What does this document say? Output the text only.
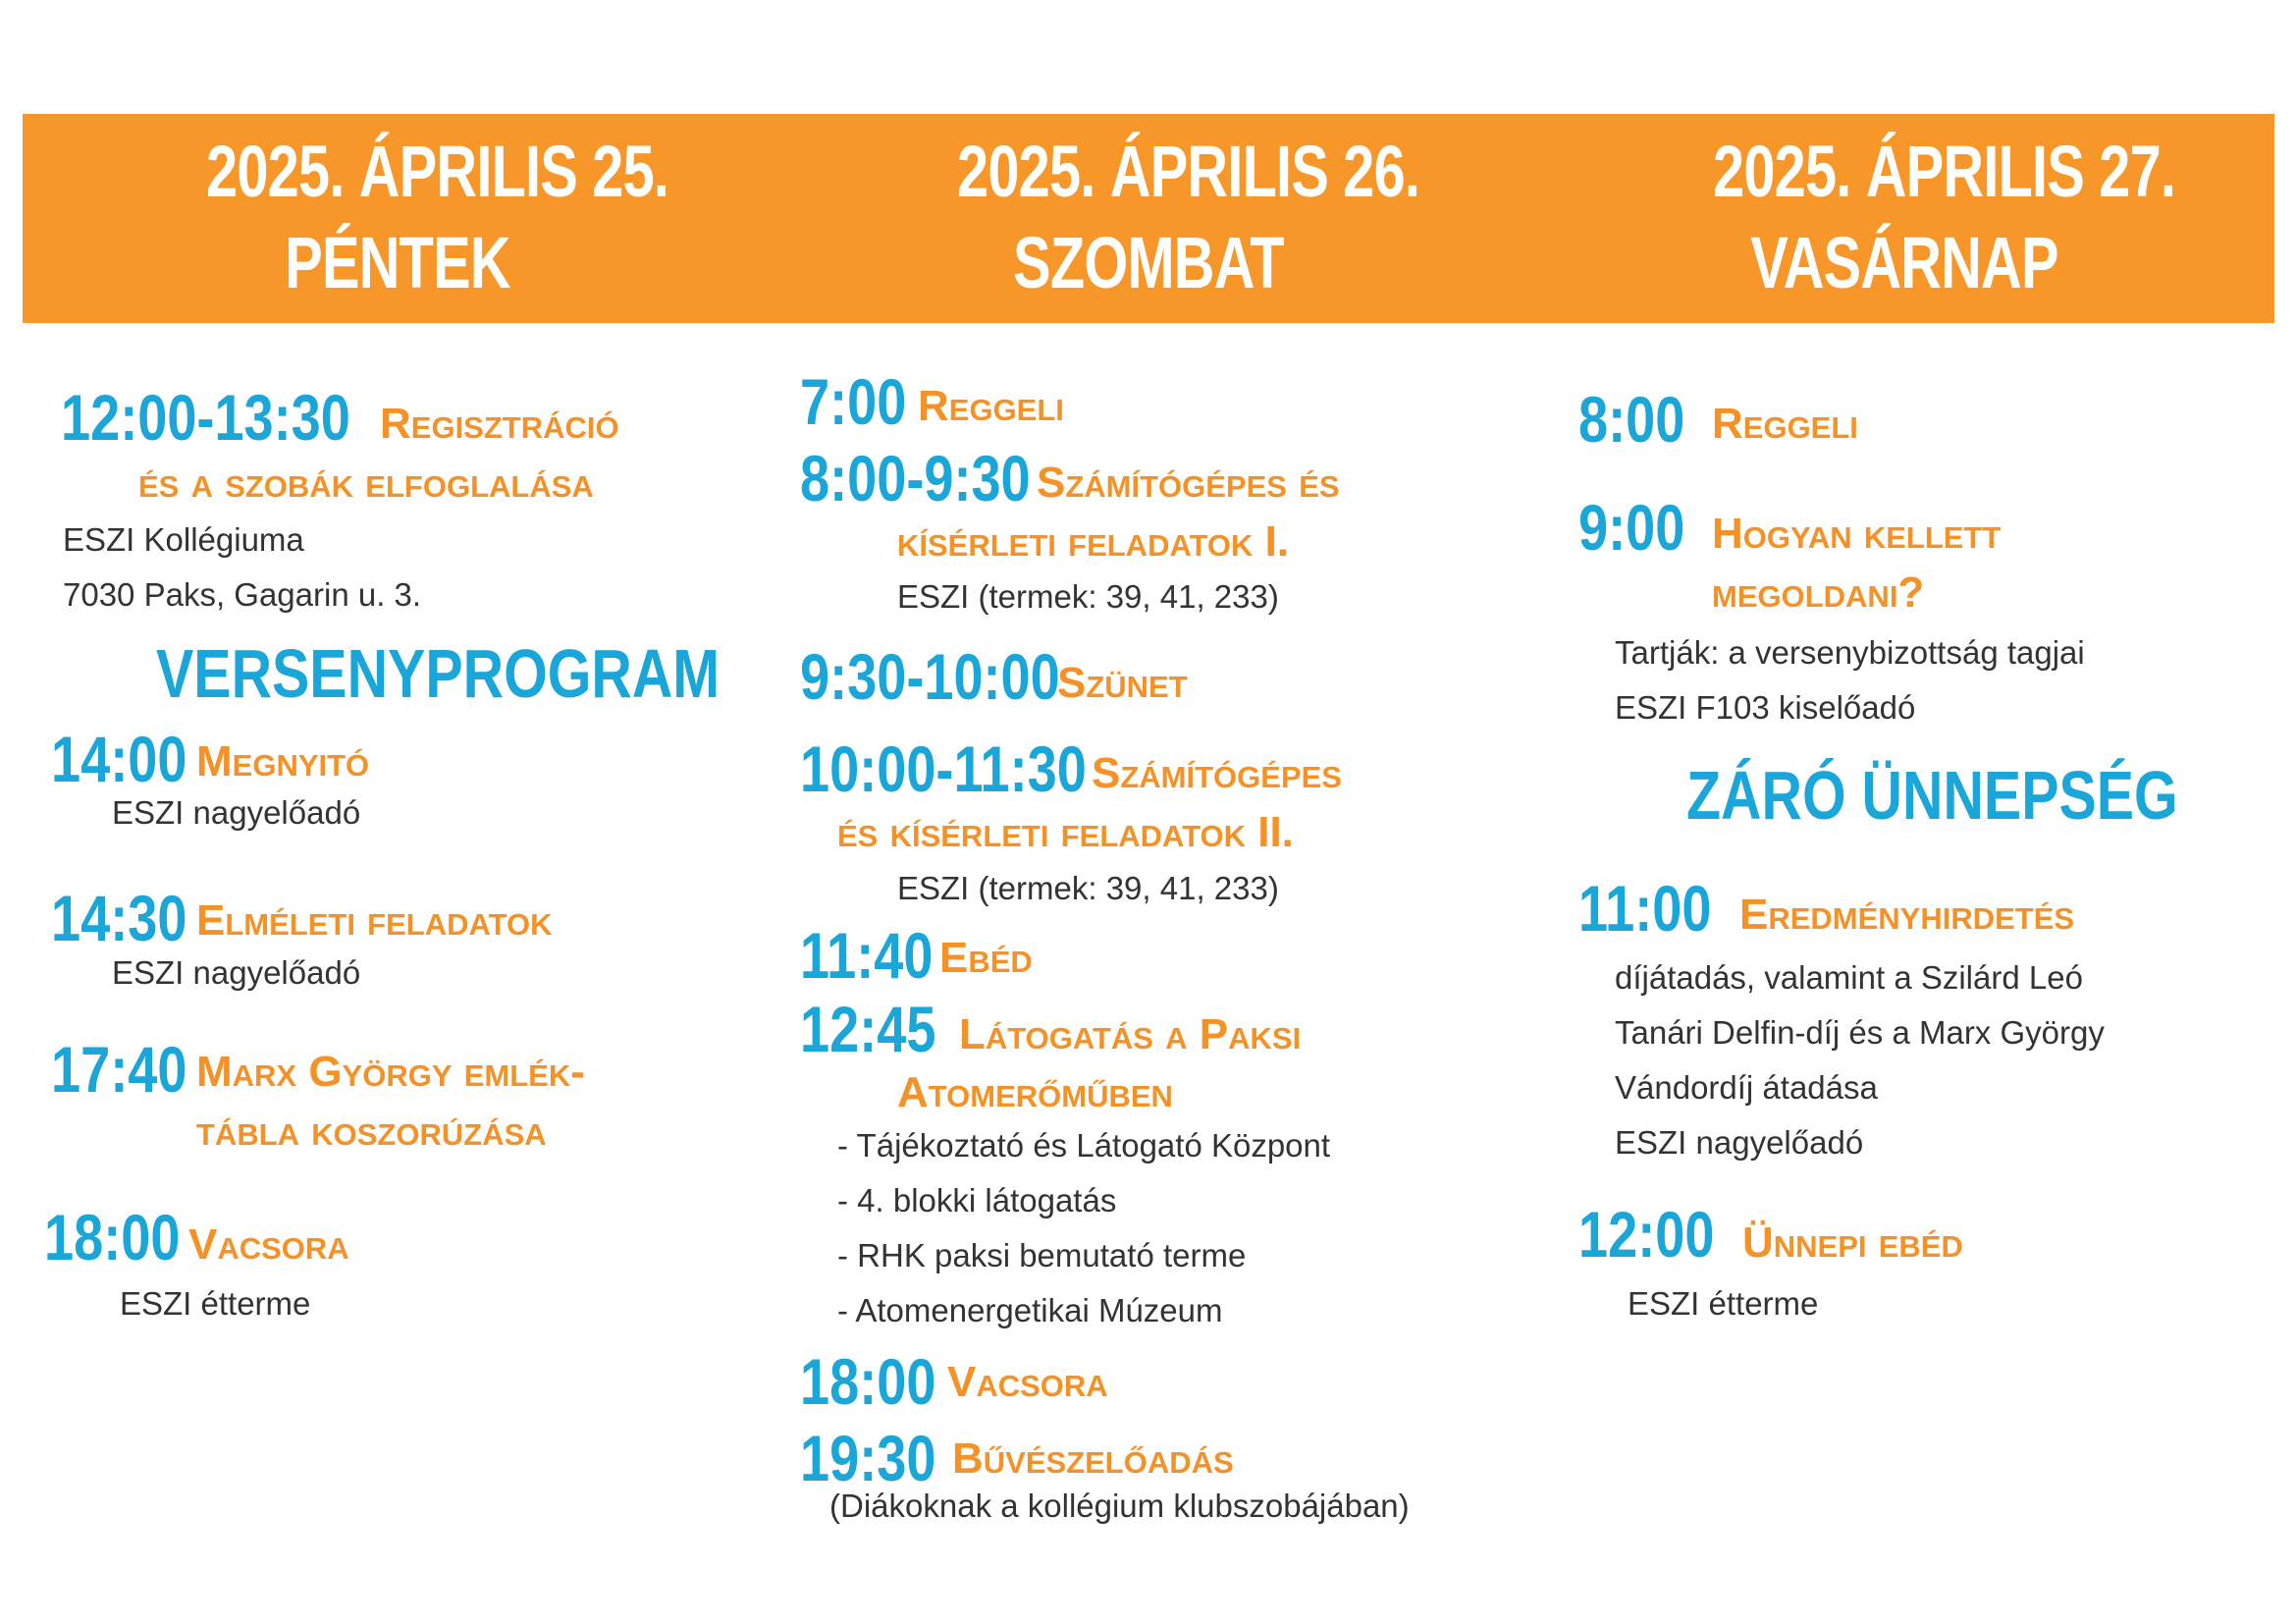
2025. ÁPRILIS 25.
PÉNTEK
2025. ÁPRILIS 26.
SZOMBAT
2025. ÁPRILIS 27.
VASÁRNAP
12:00-13:30 Regisztráció
és a szobák elfoglalása
ESZI Kollégiuma
7030 Paks, Gagarin u. 3.
VERSENYPROGRAM
14:00 Megnyitó
ESZI nagyelőadó
14:30 Elméleti feladatok
ESZI nagyelőadó
17:40 Marx György emlék-
tábla koszorúzása
18:00 Vacsora
ESZI étterme
7:00 Reggeli
8:00-9:30 Számítógépes és
kísérleti feladatok I.
ESZI (termek: 39, 41, 233)
9:30-10:00
Szünet
10:00-11:30 Számítógépes
és kísérleti feladatok II.
ESZI (termek: 39, 41, 233)
11:40 Ebéd
12:45 Látogatás a Paksi
Atomerőműben
- Tájékoztató és Látogató Központ
- 4. blokki látogatás
- RHK paksi bemutató terme
- Atomenergetikai Múzeum
18:00 Vacsora
19:30 Bűvészelőadás
(Diákoknak a kollégium klubszobájában)
8:00 Reggeli
9:00 Hogyan kellett
megoldani?
Tartják: a versenybizottság tagjai
ESZI F103 kiselőadó
ZÁRÓ ÜNNEPSÉG
11:00 Eredményhirdetés
díjátadás, valamint a Szilárd Leó
Tanári Delfin-díj és a Marx György
Vándordíj átadása
ESZI nagyelőadó
12:00 Ünnepi ebéd
ESZI étterme
